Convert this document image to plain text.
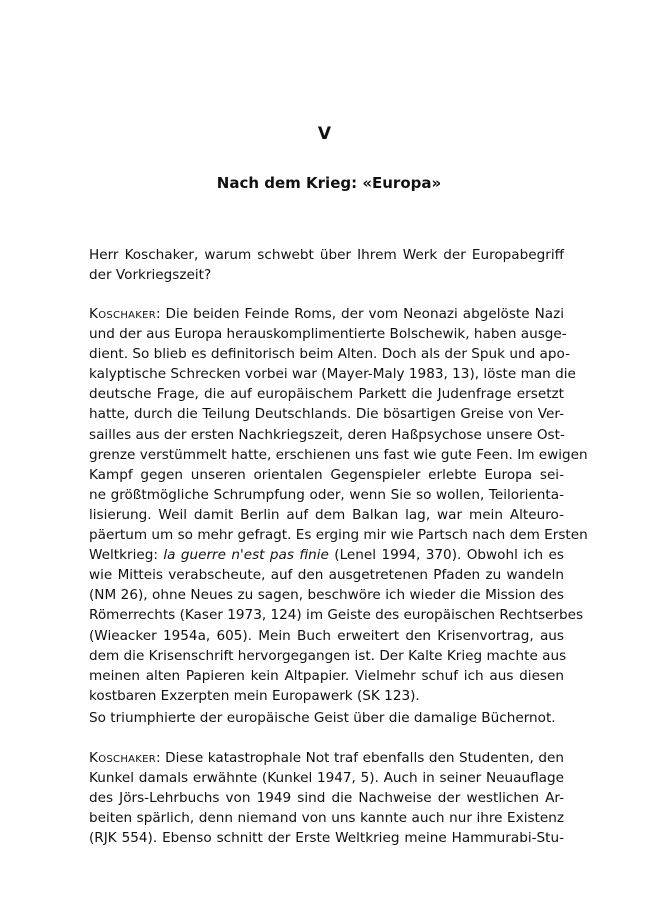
V
Nach dem Krieg: «Europa»
Herr Koschaker, warum schwebt über Ihrem Werk der Europabegriff
der Vorkriegszeit?
Koschaker: Die beiden Feinde Roms, der vom Neonazi abgelöste Nazi
und der aus Europa herauskomplimentierte Bolschewik, haben ausge-
dient. So blieb es definitorisch beim Alten. Doch als der Spuk und apo-
kalyptische Schrecken vorbei war (Mayer-Maly 1983, 13), löste man die
deutsche Frage, die auf europäischem Parkett die Judenfrage ersetzt
hatte, durch die Teilung Deutschlands. Die bösartigen Greise von Ver-
sailles aus der ersten Nachkriegszeit, deren Haßpsychose unsere Ost-
grenze verstümmelt hatte, erschienen uns fast wie gute Feen. Im ewigen
Kampf gegen unseren orientalen Gegenspieler erlebte Europa sei-
ne größtmögliche Schrumpfung oder, wenn Sie so wollen, Teilorienta-
lisierung. Weil damit Berlin auf dem Balkan lag, war mein Alteuro-
päertum um so mehr gefragt. Es erging mir wie Partsch nach dem Ersten
Weltkrieg: la guerre n'est pas finie (Lenel 1994, 370). Obwohl ich es
wie Mitteis verabscheute, auf den ausgetretenen Pfaden zu wandeln
(NM 26), ohne Neues zu sagen, beschwöre ich wieder die Mission des
Römerrechts (Kaser 1973, 124) im Geiste des europäischen Rechtserbes
(Wieacker 1954a, 605). Mein Buch erweitert den Krisenvortrag, aus
dem die Krisenschrift hervorgegangen ist. Der Kalte Krieg machte aus
meinen alten Papieren kein Altpapier. Vielmehr schuf ich aus diesen
kostbaren Exzerpten mein Europawerk (SK 123).
So triumphierte der europäische Geist über die damalige Büchernot.
Koschaker: Diese katastrophale Not traf ebenfalls den Studenten, den
Kunkel damals erwähnte (Kunkel 1947, 5). Auch in seiner Neuauflage
des Jörs-Lehrbuchs von 1949 sind die Nachweise der westlichen Ar-
beiten spärlich, denn niemand von uns kannte auch nur ihre Existenz
(RJK 554). Ebenso schnitt der Erste Weltkrieg meine Hammurabi-Stu-
